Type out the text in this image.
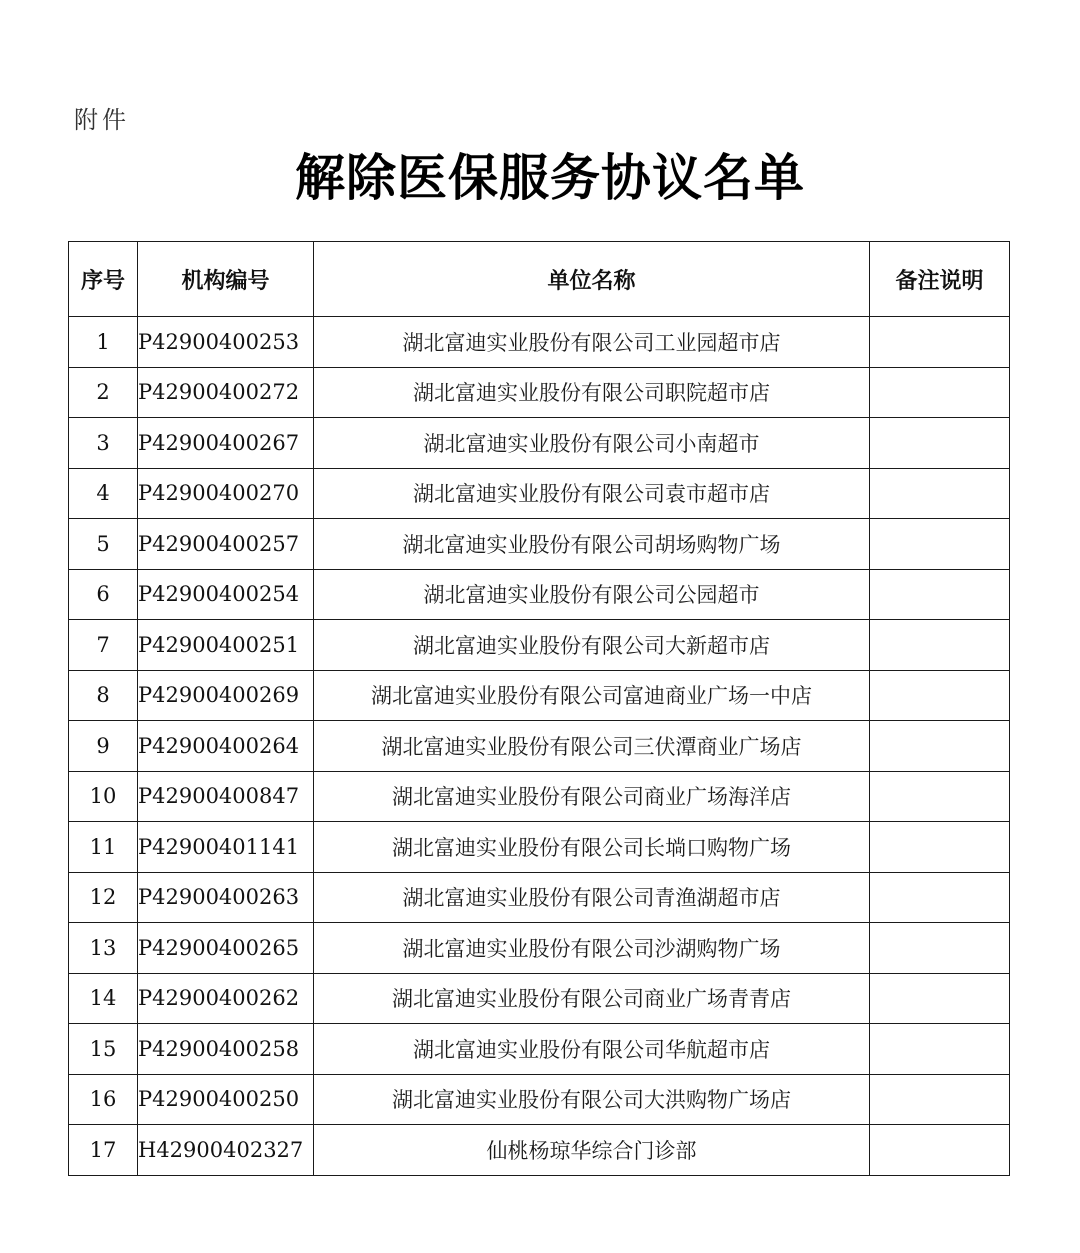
附件
解除医保服务协议名单
序号	机构编号	单位名称	备注说明
1	P42900400253	湖北富迪实业股份有限公司工业园超市店	
2	P42900400272	湖北富迪实业股份有限公司职院超市店	
3	P42900400267	湖北富迪实业股份有限公司小南超市	
4	P42900400270	湖北富迪实业股份有限公司袁市超市店	
5	P42900400257	湖北富迪实业股份有限公司胡场购物广场	
6	P42900400254	湖北富迪实业股份有限公司公园超市	
7	P42900400251	湖北富迪实业股份有限公司大新超市店	
8	P42900400269	湖北富迪实业股份有限公司富迪商业广场一中店	
9	P42900400264	湖北富迪实业股份有限公司三伏潭商业广场店	
10	P42900400847	湖北富迪实业股份有限公司商业广场海洋店	
11	P42900401141	湖北富迪实业股份有限公司长埫口购物广场	
12	P42900400263	湖北富迪实业股份有限公司青渔湖超市店	
13	P42900400265	湖北富迪实业股份有限公司沙湖购物广场	
14	P42900400262	湖北富迪实业股份有限公司商业广场青青店	
15	P42900400258	湖北富迪实业股份有限公司华航超市店	
16	P42900400250	湖北富迪实业股份有限公司大洪购物广场店	
17	H42900402327	仙桃杨琼华综合门诊部	
